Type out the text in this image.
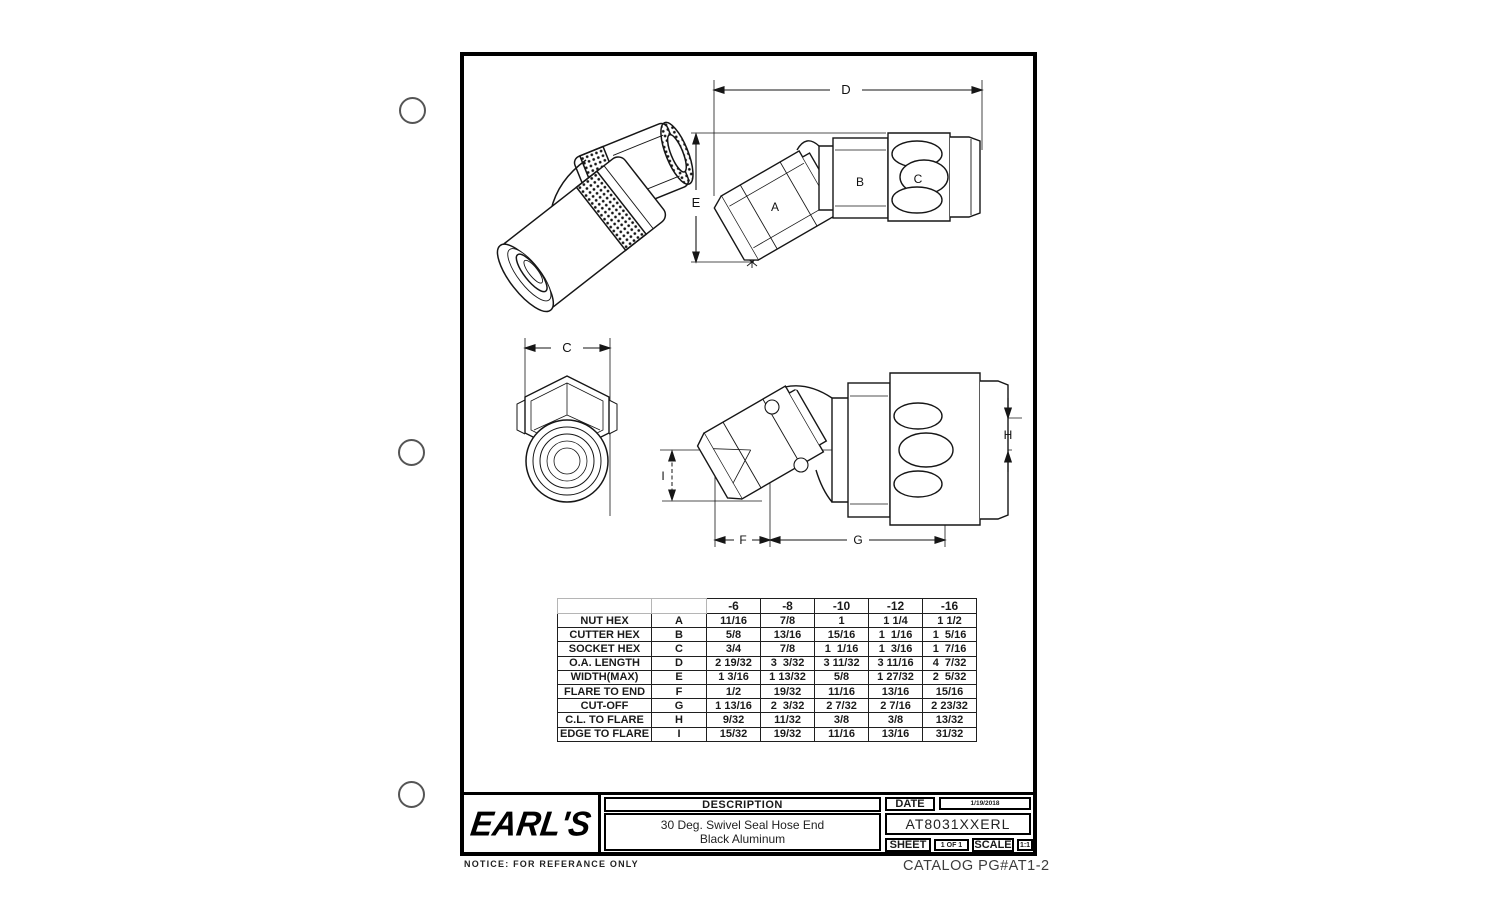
D
E	A
B	C
C
H
I
F	G
		-6	-8	-10	-12	-16
NUT HEX	A	11/16	7/8	1	1 1/4	1 1/2
CUTTER HEX	B	5/8	13/16	15/16	1  1/16	1  5/16
SOCKET HEX	C	3/4	7/8	1  1/16	1  3/16	1  7/16
O.A. LENGTH	D	2 19/32	3  3/32	3 11/32	3 11/16	4  7/32
WIDTH(MAX)	E	1 3/16	1 13/32	5/8	1 27/32	2  5/32
FLARE TO END	F	1/2	19/32	11/16	13/16	15/16
CUT-OFF	G	1 13/16	2  3/32	2 7/32	2 7/16	2 23/32
C.L. TO FLARE	H	9/32	11/32	3/8	3/8	13/32
EDGE TO FLARE	I	15/32	19/32	11/16	13/16	31/32
EARL'S	DESCRIPTION
30 Deg. Swivel Seal Hose End
Black Aluminum
DATE	1/19/2018
AT8031XXERL
SHEET	1 OF 1	SCALE	1:1
NOTICE: FOR REFERANCE ONLY	CATALOG PG#AT1-2
